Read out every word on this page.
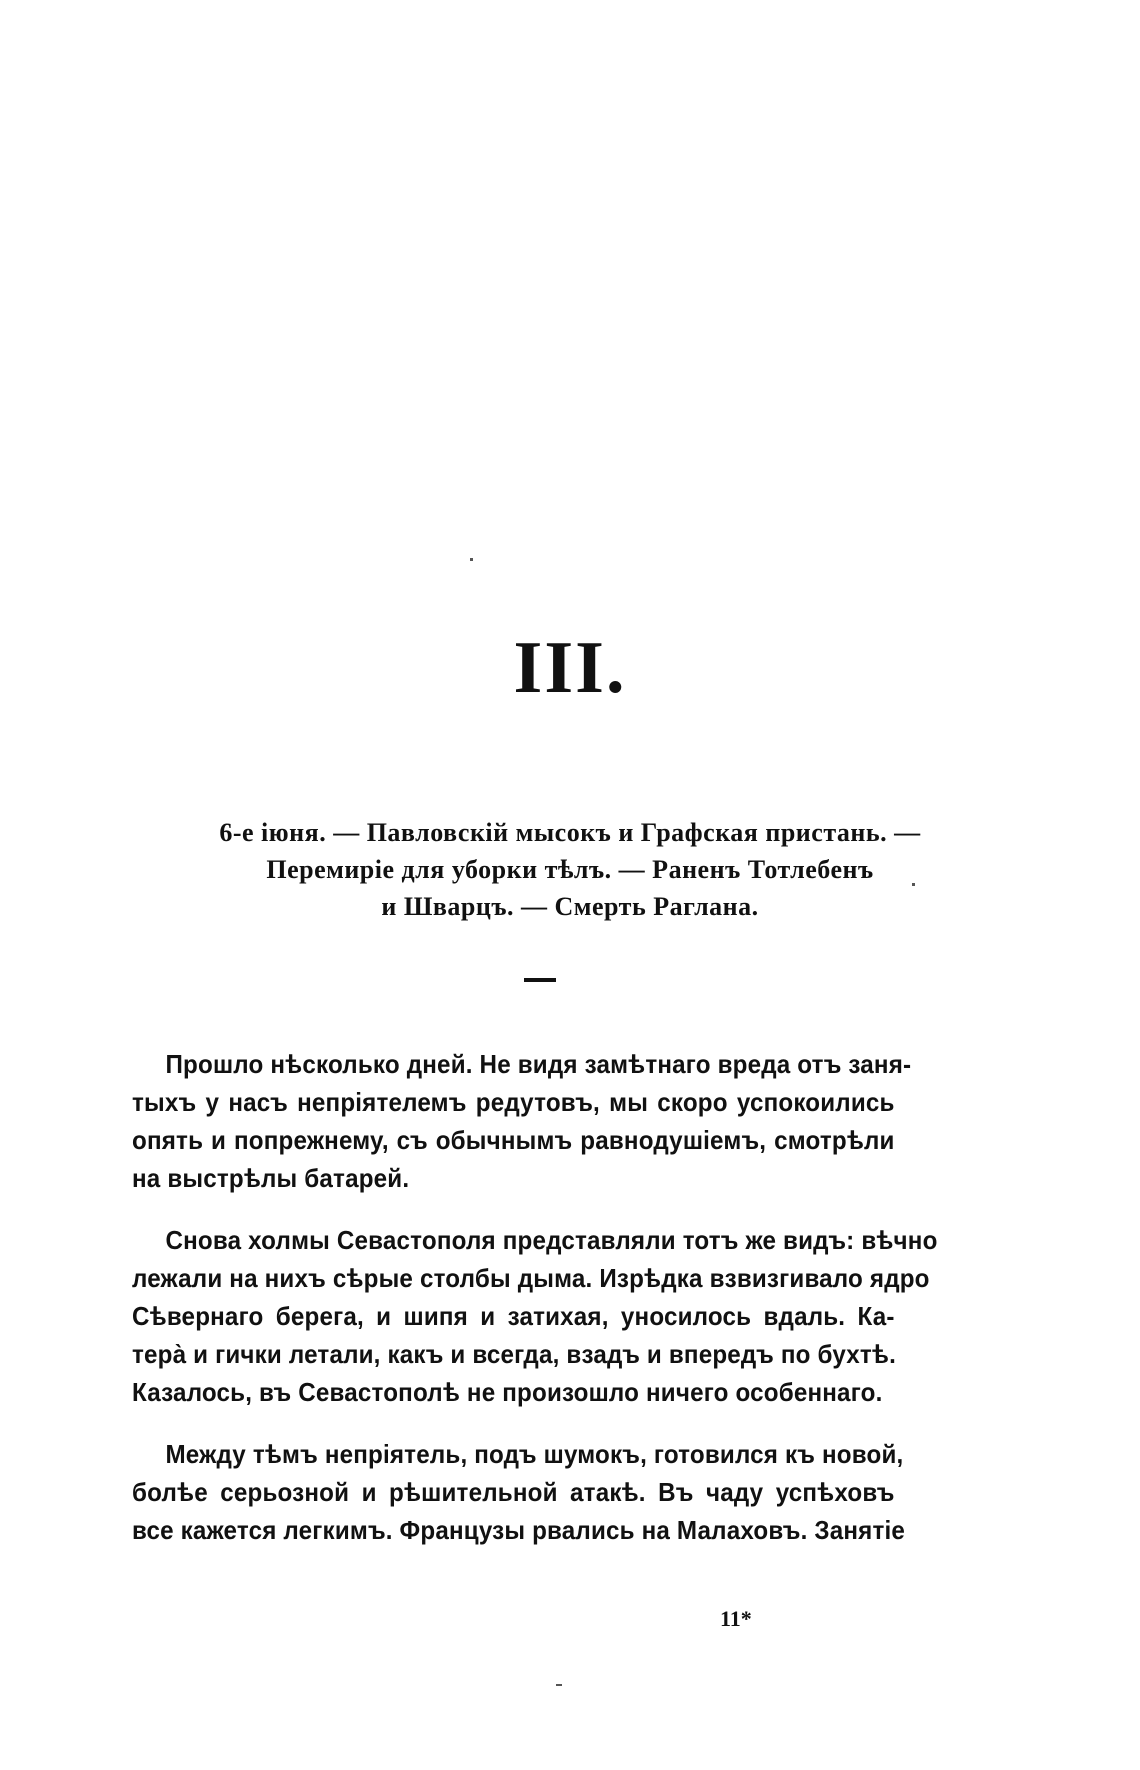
III.
6-е іюня. — Павловскій мысокъ и Графская пристань. —
Перемиріе для уборки тѣлъ. — Раненъ Тотлебенъ
и Шварцъ. — Смерть Раглана.
Прошло нѣсколько дней. Не видя замѣтнаго вреда отъ заня-
тыхъ у насъ непріятелемъ редутовъ, мы скоро успокоились
опять и попрежнему, съ обычнымъ равнодушіемъ, смотрѣли
на выстрѣлы батарей.
Снова холмы Севастополя представляли тотъ же видъ: вѣчно
лежали на нихъ сѣрые столбы дыма. Изрѣдка взвизгивало ядро
Сѣвернаго берега, и шипя и затихая, уносилось вдаль. Ка-
тера̀ и гички летали, какъ и всегда, взадъ и впередъ по бухтѣ.
Казалось, въ Севастополѣ не произошло ничего особеннаго.
Между тѣмъ непріятель, подъ шумокъ, готовился къ новой,
болѣе серьозной и рѣшительной атакѣ. Въ чаду успѣховъ
все кажется легкимъ. Французы рвались на Малаховъ. Занятіе
11*
